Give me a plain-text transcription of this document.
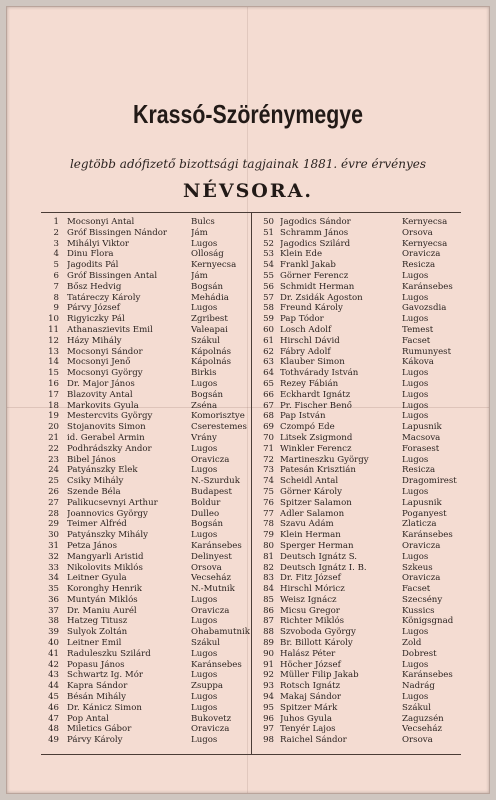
Krassó-Szörénymegye
legtöbb adófizető bizottsági tagjainak 1881. évre érvényes
NÉVSORA.
1 Mocsonyi Antal	Bulcs
2 Gróf Bissingen Nándor	Jám
3 Mihályi Viktor	Lugos
4 Dinu Flora	Olloság
5 Jagodits Pál	Kernyecsa
6 Gróf Bissingen Antal	Jám
7 Bősz Hedvig	Bogsán
8 Tatáreczy Károly	Mehádia
9 Párvy József	Lugos
10 Rigyiczky Pál	Zgribest
11 Athanaszievits Emil	Valeapai
12 Házy Mihály	Szákul
13 Mocsonyi Sándor	Kápolnás
14 Mocsonyi Jenő	Kápolnás
15 Mocsonyi György	Birkis
16 Dr. Major János	Lugos
17 Blazovity Antal	Bogsán
18 Markovits Gyula	Zséna
19 Mestercvits György	Komorisztye
20 Stojanovits Simon	Cserestemes
21 id. Gerabel Ármin	Vrány
22 Podhrádszky Andor	Lugos
23 Bibel János	Oravicza
24 Patyánszky Elek	Lugos
25 Csiky Mihály	N.-Szurduk
26 Szende Béla	Budapest
27 Palikucsevnyi Arthur	Boldur
28 Joannovics György	Dulleo
29 Teimer Alfréd	Bogsán
30 Patyánszky Mihály	Lugos
31 Petza János	Karánsebes
32 Mangyarli Aristid	Delinyest
33 Nikolovits Miklós	Orsova
34 Leitner Gyula	Vecseház
35 Koronghy Henrik	N.-Mutnik
36 Muntyán Miklós	Lugos
37 Dr. Maniu Aurél	Oravicza
38 Hatzeg Titusz	Lugos
39 Sulyok Zoltán	Ohabamutnik
40 Leitner Emil	Szákul
41 Raduleszku Szilárd	Lugos
42 Popasu János	Karánsebes
43 Schwartz Ig. Mór	Lugos
44 Kapra Sándor	Zsuppa
45 Bésán Mihály	Lugos
46 Dr. Kánicz Simon	Lugos
47 Pop Antal	Bukovetz
48 Miletics Gábor	Oravicza
49 Párvy Károly	Lugos
50 Jagodics Sándor	Kernyecsa
51 Schramm János	Orsova
52 Jagodics Szilárd	Kernyecsa
53 Klein Ede	Oravicza
54 Frankl Jakab	Resicza
55 Görner Ferencz	Lugos
56 Schmidt Herman	Karánsebes
57 Dr. Zsidák Ágoston	Lugos
58 Freund Károly	Gavozsdia
59 Pap Tódor	Lugos
60 Losch Adolf	Temest
61 Hirschl Dávid	Facset
62 Fábry Adolf	Rumunyest
63 Klauber Simon	Kákova
64 Tothvárady István	Lugos
65 Rezey Fábián	Lugos
66 Eckhardt Ignátz	Lugos
67 Pr. Fischer Benő	Lugos
68 Pap István	Lugos
69 Czompó Ede	Lapusnik
70 Litsek Zsigmond	Macsova
71 Winkler Ferencz	Forasest
72 Martineszku György	Lugos
73 Patesán Krisztián	Resicza
74 Scheidl Antal	Dragomirest
75 Görner Károly	Lugos
76 Spitzer Salamon	Lapusnik
77 Adler Salamon	Poganyest
78 Szavu Ádám	Zlaticza
79 Klein Herman	Karánsebes
80 Sperger Herman	Oravicza
81 Deutsch Ignátz S.	Lugos
82 Deutsch Ignátz I. B.	Szkeus
83 Dr. Fitz József	Oravicza
84 Hirschl Móricz	Facset
85 Weisz Ignácz	Szecsény
86 Micsu Gregor	Kussics
87 Richter Miklós	Königsgnad
88 Szvoboda György	Lugos
89 Br. Billott Károly	Zold
90 Halász Péter	Dobrest
91 Höcher József	Lugos
92 Müller Filip Jakab	Karánsebes
93 Rotsch Ignátz	Nadrág
94 Makaj Sándor	Lugos
95 Spitzer Márk	Szákul
96 Juhos Gyula	Zaguzsén
97 Tenyér Lajos	Vecseház
98 Raichel Sándor	Orsova
